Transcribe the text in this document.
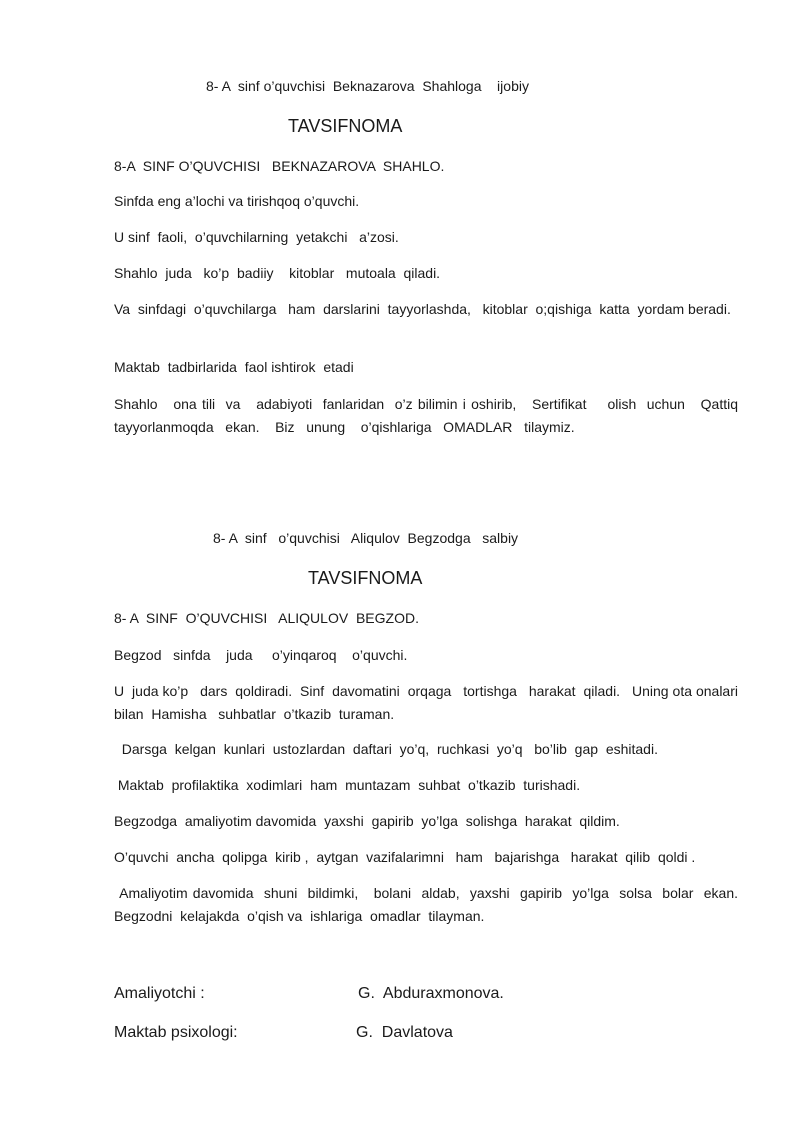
8- A  sinf o’quvchisi  Beknazarova  Shahloga    ijobiy
TAVSIFNOMA
8-A  SINF O’QUVCHISI   BEKNAZAROVA  SHAHLO.
Sinfda eng a’lochi va tirishqoq o’quvchi.
U sinf  faoli,  o’quvchilarning  yetakchi   a’zosi.
Shahlo  juda   ko’p  badiiy    kitoblar   mutoala  qiladi.
Va  sinfdagi  o’quvchilarga   ham  darslarini  tayyorlashda,   kitoblar  o;qishiga  katta  yordam beradi.
Maktab  tadbirlarida  faol ishtirok  etadi
Shahlo   ona tili  va   adabiyoti  fanlaridan  o’z bilimin i oshirib,   Sertifikat    olish  uchun   Qattiq tayyorlanmoqda   ekan.    Biz   unung    o’qishlariga   OMADLAR   tilaymiz.
8- A  sinf   o’quvchisi   Aliqulov  Begzodga   salbiy
TAVSIFNOMA
8- A  SINF  O’QUVCHISI   ALIQULOV  BEGZOD.
Begzod   sinfda    juda     o’yinqaroq    o’quvchi.
U  juda ko’p   dars  qoldiradi.  Sinf  davomatini  orqaga   tortishga   harakat  qiladi.   Uning ota onalari bilan  Hamisha   suhbatlar  o’tkazib  turaman.
Darsga  kelgan  kunlari  ustozlardan  daftari  yo’q,  ruchkasi  yo’q   bo’lib  gap  eshitadi.
Maktab  profilaktika  xodimlari  ham  muntazam  suhbat  o’tkazib  turishadi.
Begzodga  amaliyotim davomida  yaxshi  gapirib  yo’lga  solishga  harakat  qildim.
O’quvchi  ancha  qolipga  kirib ,  aytgan  vazifalarimni   ham   bajarishga   harakat  qilib  qoldi .
Amaliyotim davomida  shuni  bildimki,   bolani  aldab,  yaxshi  gapirib  yo’lga  solsa  bolar  ekan. Begzodni  kelajakda  o’qish va  ishlariga  omadlar  tilayman.
Amaliyotchi :	G.  Abduraxmonova.
Maktab psixologi:	G.  Davlatova
